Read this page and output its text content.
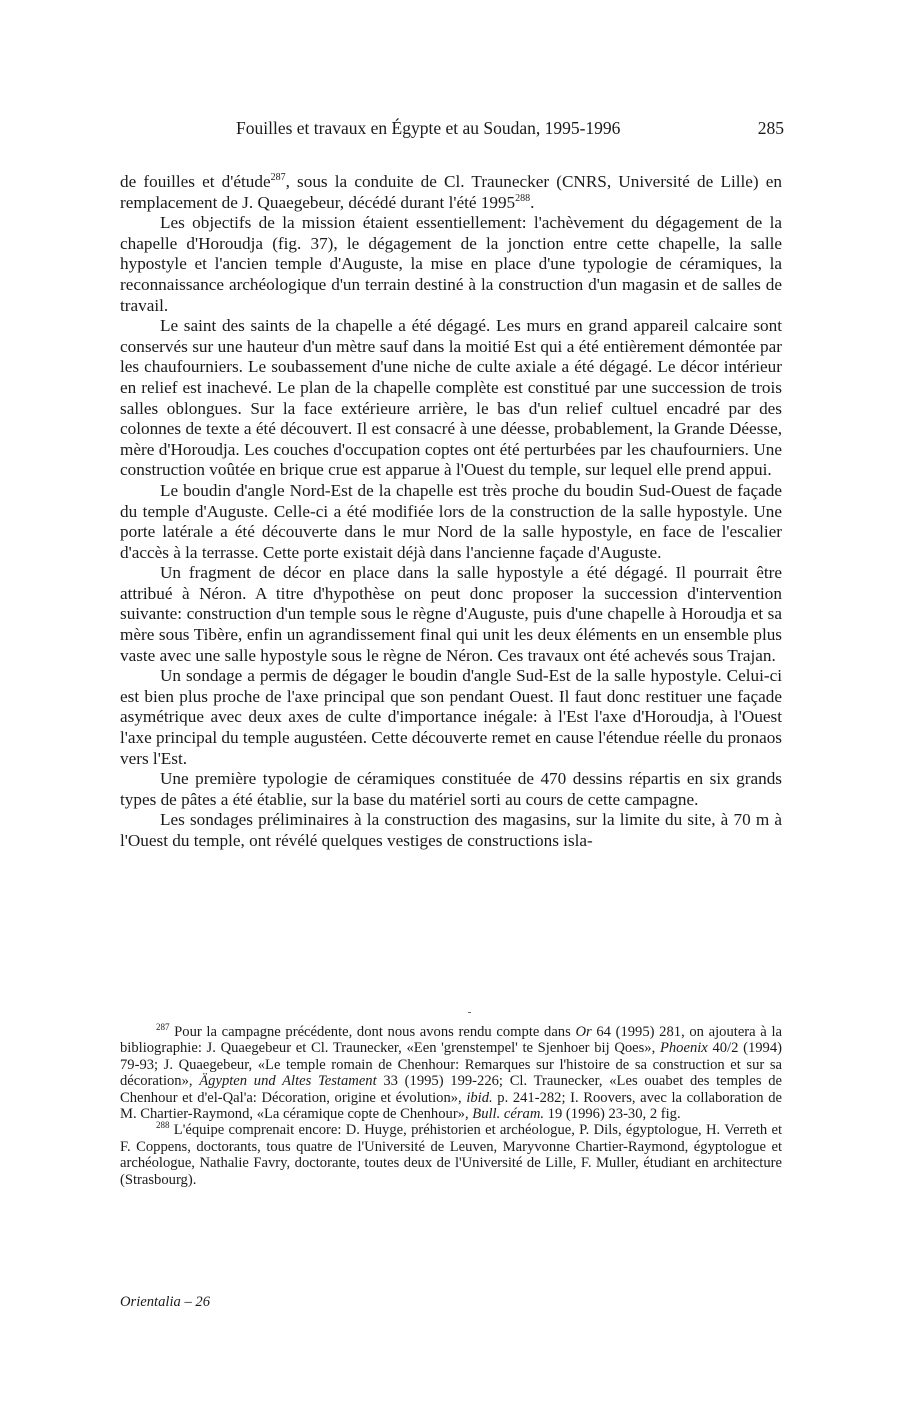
Fouilles et travaux en Égypte et au Soudan, 1995-1996	285

de fouilles et d'étude$^{287}$, sous la conduite de Cl. Traunecker (CNRS, Université de Lille) en remplacement de J. Quaegebeur, décédé durant l'été 1995$^{288}$.

Les objectifs de la mission étaient essentiellement: l'achèvement du dégagement de la chapelle d'Horoudja (fig. 37), le dégagement de la jonction entre cette chapelle, la salle hypostyle et l'ancien temple d'Auguste, la mise en place d'une typologie de céramiques, la reconnaissance archéologique d'un terrain destiné à la construction d'un magasin et de salles de travail.

Le saint des saints de la chapelle a été dégagé. Les murs en grand appareil calcaire sont conservés sur une hauteur d'un mètre sauf dans la moitié Est qui a été entièrement démontée par les chaufourniers. Le soubassement d'une niche de culte axiale a été dégagé. Le décor intérieur en relief est inachevé. Le plan de la chapelle complète est constitué par une succession de trois salles oblongues. Sur la face extérieure arrière, le bas d'un relief cultuel encadré par des colonnes de texte a été découvert. Il est consacré à une déesse, probablement, la Grande Déesse, mère d'Horoudja. Les couches d'occupation coptes ont été perturbées par les chaufourniers. Une construction voûtée en brique crue est apparue à l'Ouest du temple, sur lequel elle prend appui.

Le boudin d'angle Nord-Est de la chapelle est très proche du boudin Sud-Ouest de façade du temple d'Auguste. Celle-ci a été modifiée lors de la construction de la salle hypostyle. Une porte latérale a été découverte dans le mur Nord de la salle hypostyle, en face de l'escalier d'accès à la terrasse. Cette porte existait déjà dans l'ancienne façade d'Auguste.

Un fragment de décor en place dans la salle hypostyle a été dégagé. Il pourrait être attribué à Néron. A titre d'hypothèse on peut donc proposer la succession d'intervention suivante: construction d'un temple sous le règne d'Auguste, puis d'une chapelle à Horoudja et sa mère sous Tibère, enfin un agrandissement final qui unit les deux éléments en un ensemble plus vaste avec une salle hypostyle sous le règne de Néron. Ces travaux ont été achevés sous Trajan.

Un sondage a permis de dégager le boudin d'angle Sud-Est de la salle hypostyle. Celui-ci est bien plus proche de l'axe principal que son pendant Ouest. Il faut donc restituer une façade asymétrique avec deux axes de culte d'importance inégale: à l'Est l'axe d'Horoudja, à l'Ouest l'axe principal du temple augustéen. Cette découverte remet en cause l'étendue réelle du pronaos vers l'Est.

Une première typologie de céramiques constituée de 470 dessins répartis en six grands types de pâtes a été établie, sur la base du matériel sorti au cours de cette campagne.

Les sondages préliminaires à la construction des magasins, sur la limite du site, à 70 m à l'Ouest du temple, ont révélé quelques vestiges de constructions isla-

$^{287}$ Pour la campagne précédente, dont nous avons rendu compte dans Or 64 (1995) 281, on ajoutera à la bibliographie: J. Quaegebeur et Cl. Traunecker, «Een 'grenstempel' te Sjenhoer bij Qoes», Phoenix 40/2 (1994) 79-93; J. Quaegebeur, «Le temple romain de Chenhour: Remarques sur l'histoire de sa construction et sur sa décoration», Ägypten und Altes Testament 33 (1995) 199-226; Cl. Traunecker, «Les ouabet des temples de Chenhour et d'el-Qal'a: Décoration, origine et évolution», ibid. p. 241-282; I. Roovers, avec la collaboration de M. Chartier-Raymond, «La céramique copte de Chenhour», Bull. céram. 19 (1996) 23-30, 2 fig.

$^{288}$ L'équipe comprenait encore: D. Huyge, préhistorien et archéologue, P. Dils, égyptologue, H. Verreth et F. Coppens, doctorants, tous quatre de l'Université de Leuven, Maryvonne Chartier-Raymond, égyptologue et archéologue, Nathalie Favry, doctorante, toutes deux de l'Université de Lille, F. Muller, étudiant en architecture (Strasbourg).

Orientalia – 26
